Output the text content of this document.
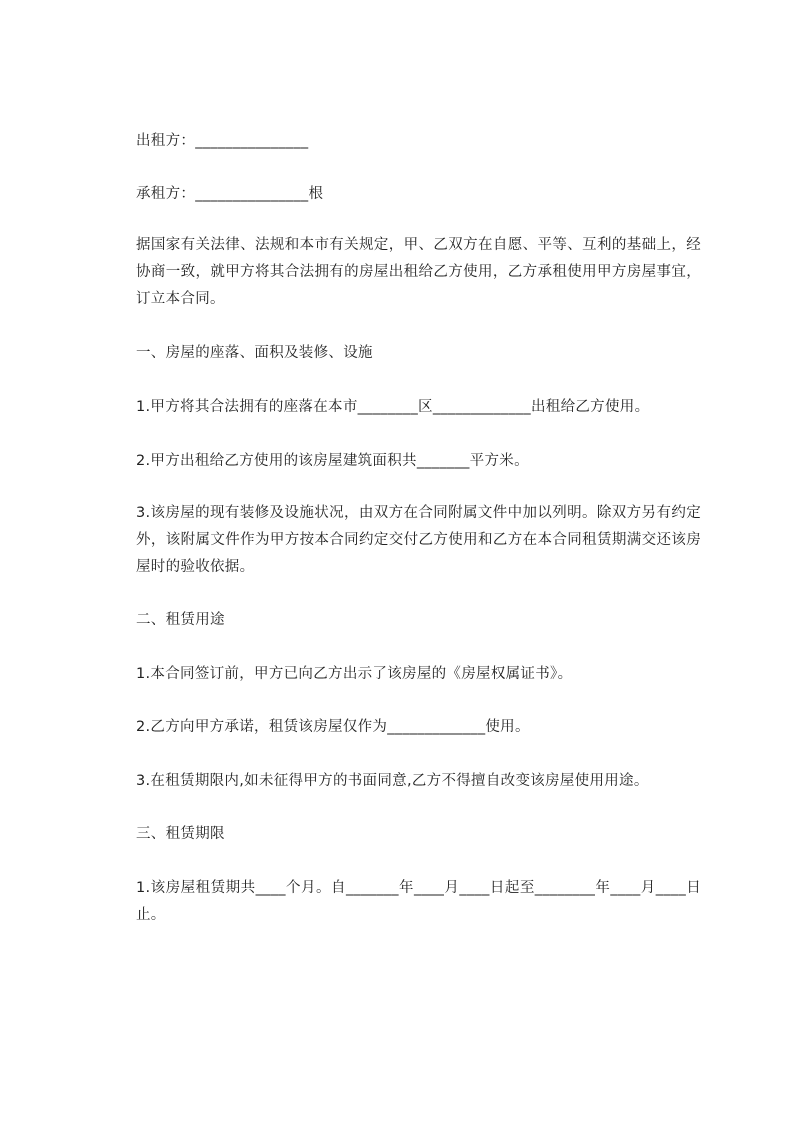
出租方：_______________
承租方：_______________根
据国家有关法律、法规和本市有关规定，甲、乙双方在自愿、平等、互利的基础上，经协商一致，就甲方将其合法拥有的房屋出租给乙方使用，乙方承租使用甲方房屋事宜，订立本合同。
一、房屋的座落、面积及装修、设施
1.甲方将其合法拥有的座落在本市________区_____________出租给乙方使用。
2.甲方出租给乙方使用的该房屋建筑面积共_______平方米。
3.该房屋的现有装修及设施状况，由双方在合同附属文件中加以列明。除双方另有约定外，该附属文件作为甲方按本合同约定交付乙方使用和乙方在本合同租赁期满交还该房屋时的验收依据。
二、租赁用途
1.本合同签订前，甲方已向乙方出示了该房屋的《房屋权属证书》。
2.乙方向甲方承诺，租赁该房屋仅作为_____________使用。
3.在租赁期限内,如未征得甲方的书面同意,乙方不得擅自改变该房屋使用用途。
三、租赁期限
1.该房屋租赁期共____个月。自_______年____月____日起至________年____月____日止。
